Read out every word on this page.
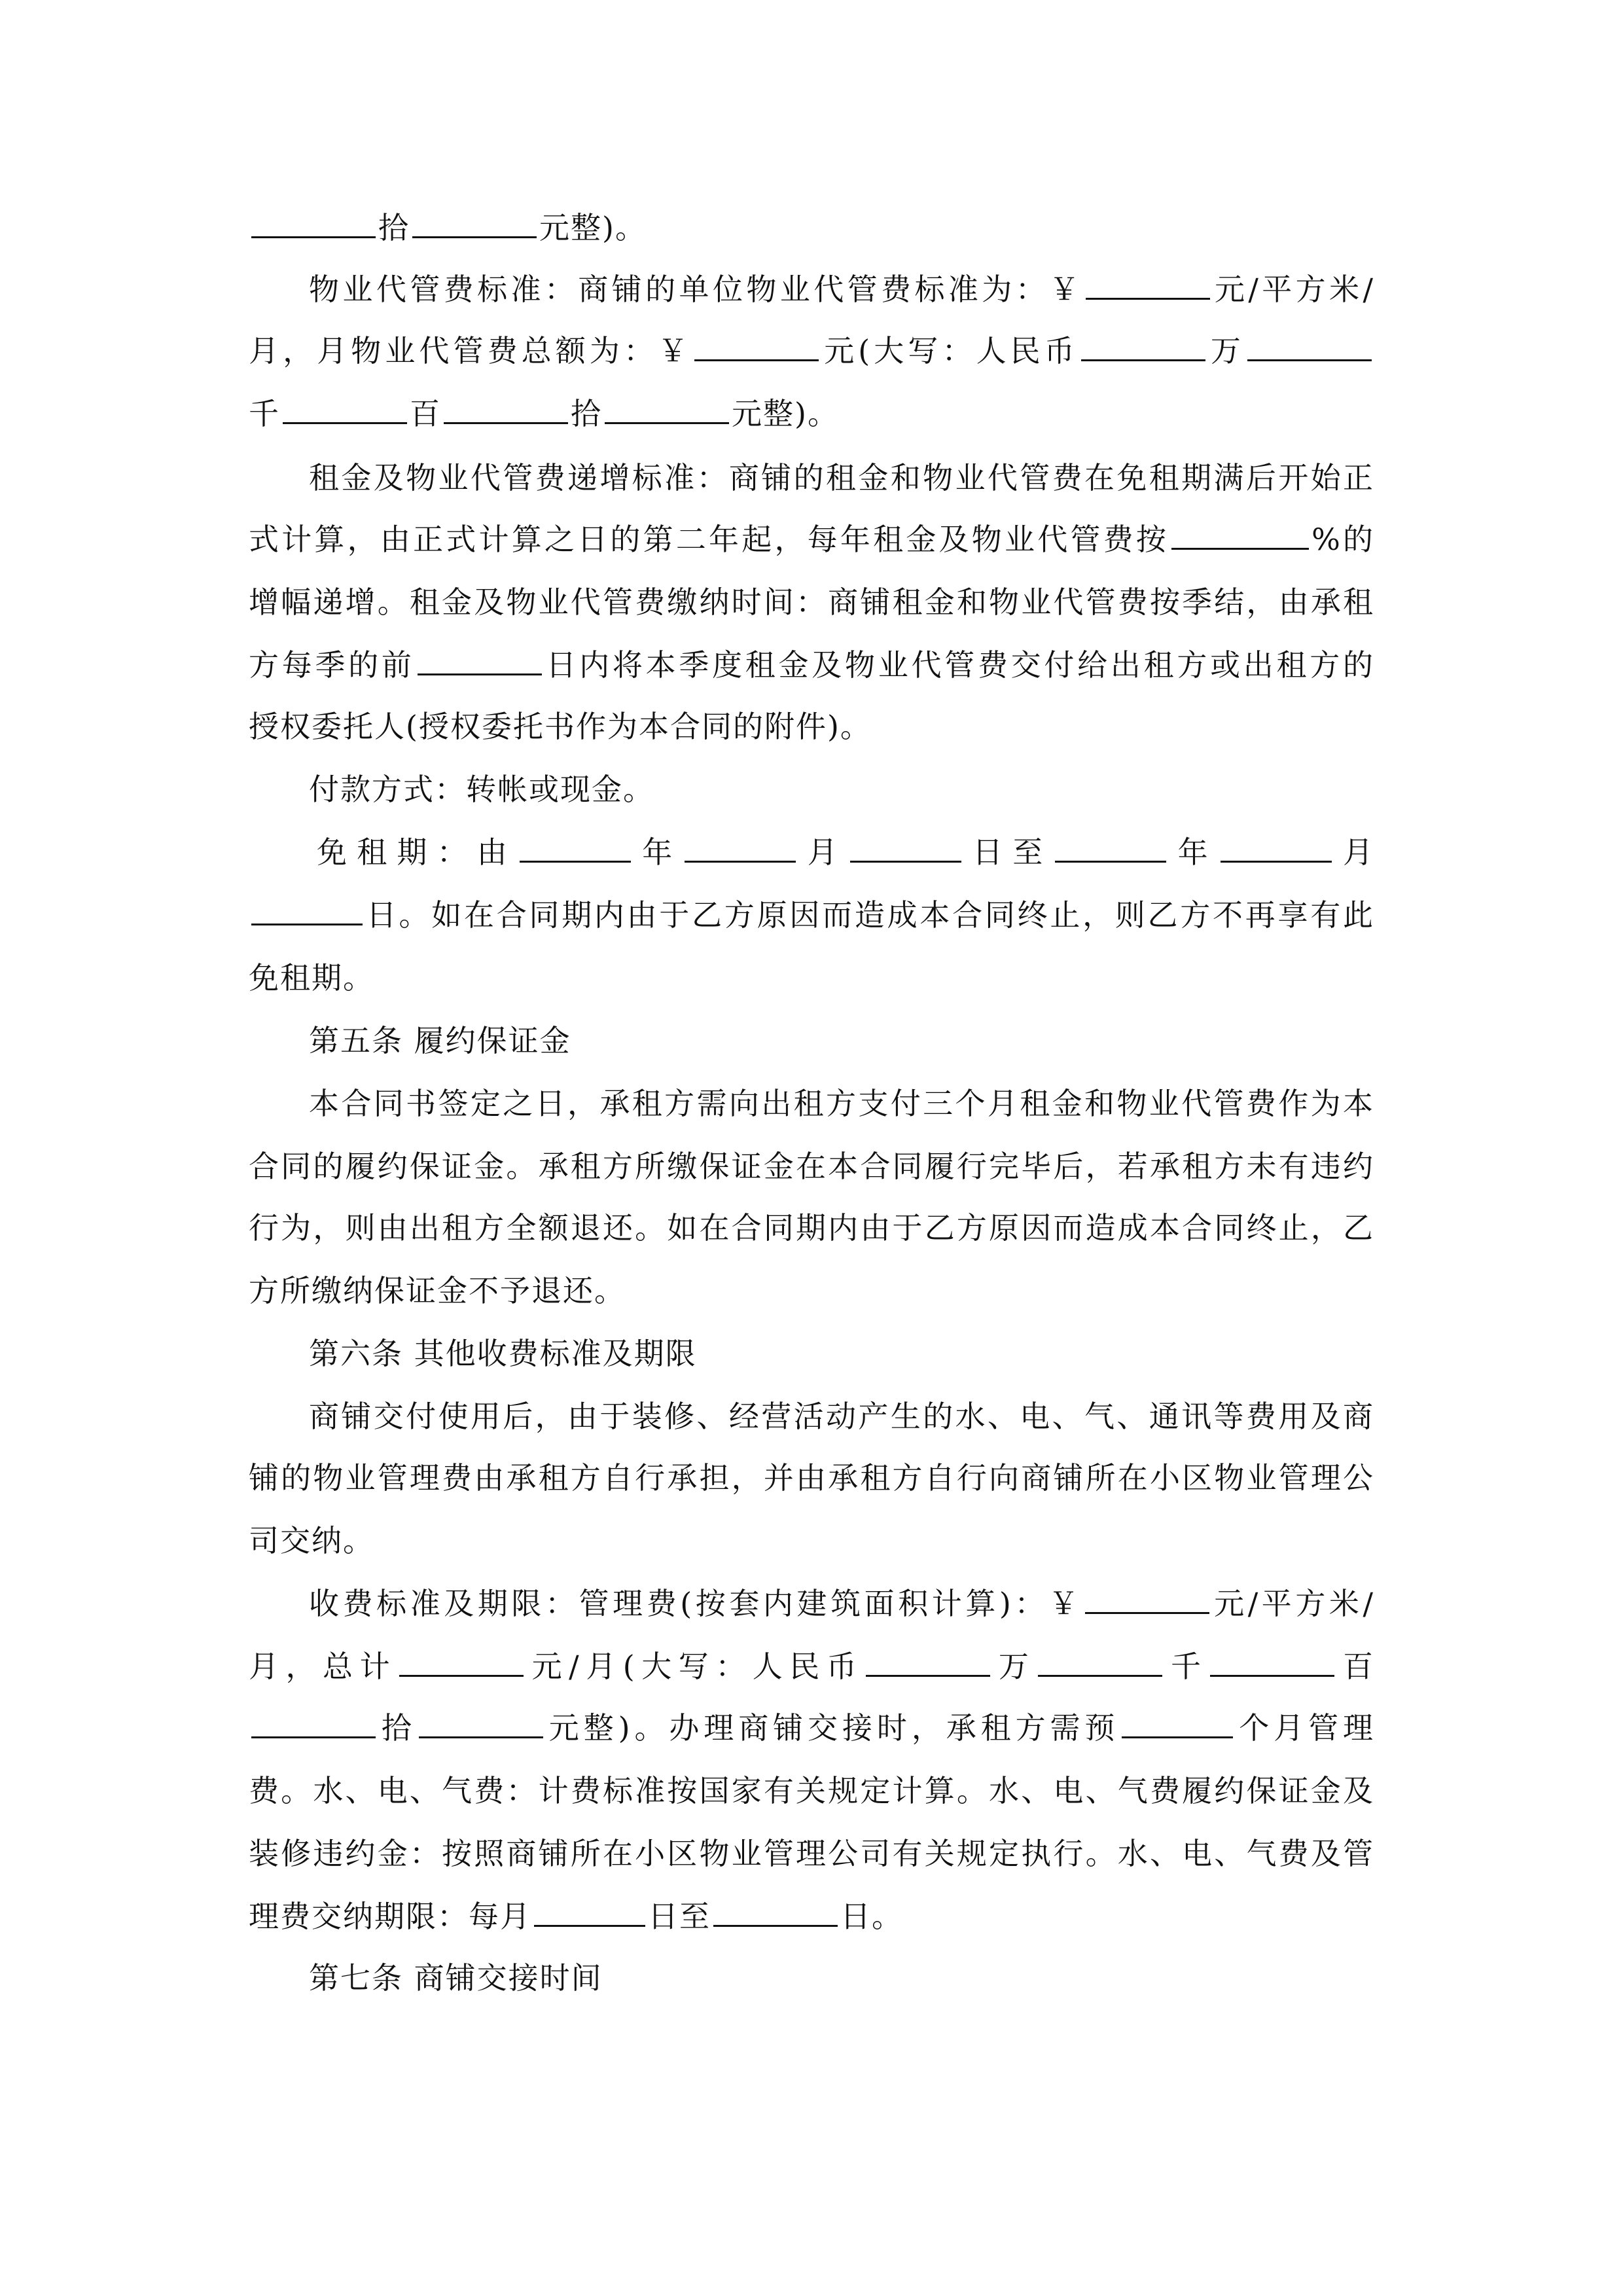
拾	元整)。
物业代管费标准：商铺的单位物业代管费标准为：￥	元/平方米/
月，月物业代管费总额为：￥	元(大写：人民币	万
千	百	拾	元整)。
租金及物业代管费递增标准：商铺的租金和物业代管费在免租期满后开始正
式计算，由正式计算之日的第二年起，每年租金及物业代管费按	%的
增幅递增。租金及物业代管费缴纳时间：商铺租金和物业代管费按季结，由承租
方每季的前	日内将本季度租金及物业代管费交付给出租方或出租方的
授权委托人(授权委托书作为本合同的附件)。
付款方式：转帐或现金。
免租期：由	年	月	日至	年	月
日。如在合同期内由于乙方原因而造成本合同终止，则乙方不再享有此
免租期。
第五条 履约保证金
本合同书签定之日，承租方需向出租方支付三个月租金和物业代管费作为本
合同的履约保证金。承租方所缴保证金在本合同履行完毕后，若承租方未有违约
行为，则由出租方全额退还。如在合同期内由于乙方原因而造成本合同终止，乙
方所缴纳保证金不予退还。
第六条 其他收费标准及期限
商铺交付使用后，由于装修、经营活动产生的水、电、气、通讯等费用及商
铺的物业管理费由承租方自行承担，并由承租方自行向商铺所在小区物业管理公
司交纳。
收费标准及期限：管理费(按套内建筑面积计算)：￥	元/平方米/
月，总计	元/月(大写：人民币	万	千	百
拾	元整)。办理商铺交接时，承租方需预	个月管理
费。水、电、气费：计费标准按国家有关规定计算。水、电、气费履约保证金及
装修违约金：按照商铺所在小区物业管理公司有关规定执行。水、电、气费及管
理费交纳期限：每月	日至	日。
第七条 商铺交接时间
